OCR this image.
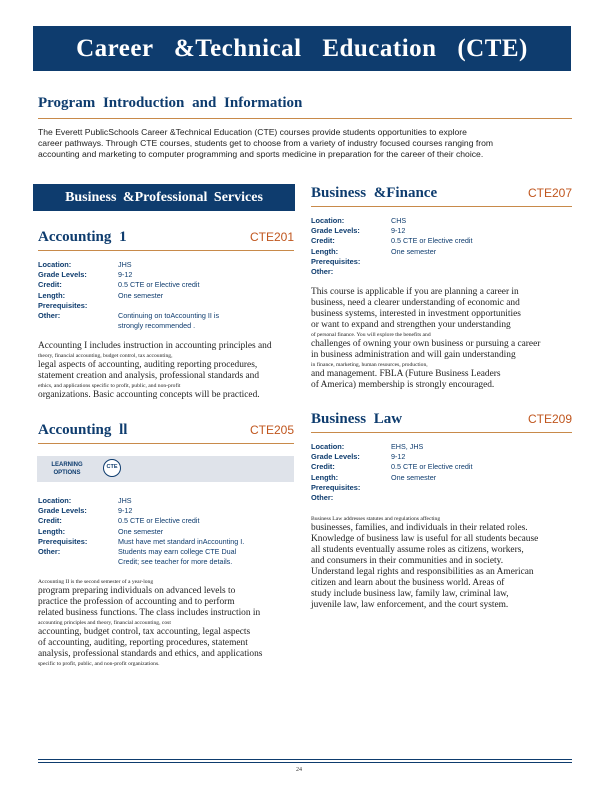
Career &Technical Education (CTE)
Program Introduction and Information
The Everett PublicSchools Career &Technical Education (CTE) courses provide students opportunities to explore
career pathways. Through CTE courses, students get to choose from a variety of industry focused courses ranging from
accounting and marketing to computer programming and sports medicine in preparation for the career of their choice.
Business &Professional Services
Accounting 1	CTE201
Location:	JHS
Grade Levels:	9-12
Credit:	0.5 CTE or Elective credit
Length:	One semester
Prerequisites:
Other:	Continuing on toAccounting II is
strongly recommended .
Accounting I includes instruction in accounting principles and
theory, financial accounting, budget control, tax accounting,
legal aspects of accounting, auditing reporting procedures,
statement creation and analysis, professional standards and
ethics, and applications specific to profit, public, and non-profit
organizations. Basic accounting concepts will be practiced.
Accounting ll	CTE205
LEARNING OPTIONS
CTE
Location:	JHS
Grade Levels:	9-12
Credit:	0.5 CTE or Elective credit
Length:	One semester
Prerequisites:	Must have met standard inAccounting I.
Other:	Students may earn college CTE Dual
Credit; see teacher for more details.
Accounting II is the second semester of a year-long
program preparing individuals on advanced levels to
practice the profession of accounting and to perform
related business functions. The class includes instruction in
accounting principles and theory, financial accounting, cost
accounting, budget control, tax accounting, legal aspects
of accounting, auditing, reporting procedures, statement
analysis, professional standards and ethics, and applications
specific to profit, public, and non-profit organizations.
Business &Finance	CTE207
Location:	CHS
Grade Levels:	9-12
Credit:	0.5 CTE or Elective credit
Length:	One semester
Prerequisites:
Other:
This course is applicable if you are planning a career in
business, need a clearer understanding of economic and
business systems, interested in investment opportunities
or want to expand and strengthen your understanding
of personal finance. You will explore the benefits and
challenges of owning your own business or pursuing a career
in business administration and will gain understanding
in finance, marketing, human resources, production,
and management. FBLA (Future Business Leaders
of America) membership is strongly encouraged.
Business Law	CTE209
Location:	EHS, JHS
Grade Levels:	9-12
Credit:	0.5 CTE or Elective credit
Length:	One semester
Prerequisites:
Other:
Business Law addresses statutes and regulations affecting
businesses, families, and individuals in their related roles.
Knowledge of business law is useful for all students because
all students eventually assume roles as citizens, workers,
and consumers in their communities and in society.
Understand legal rights and responsibilities as an American
citizen and learn about the business world. Areas of
study include business law, family law, criminal law,
juvenile law, law enforcement, and the court system.
24
